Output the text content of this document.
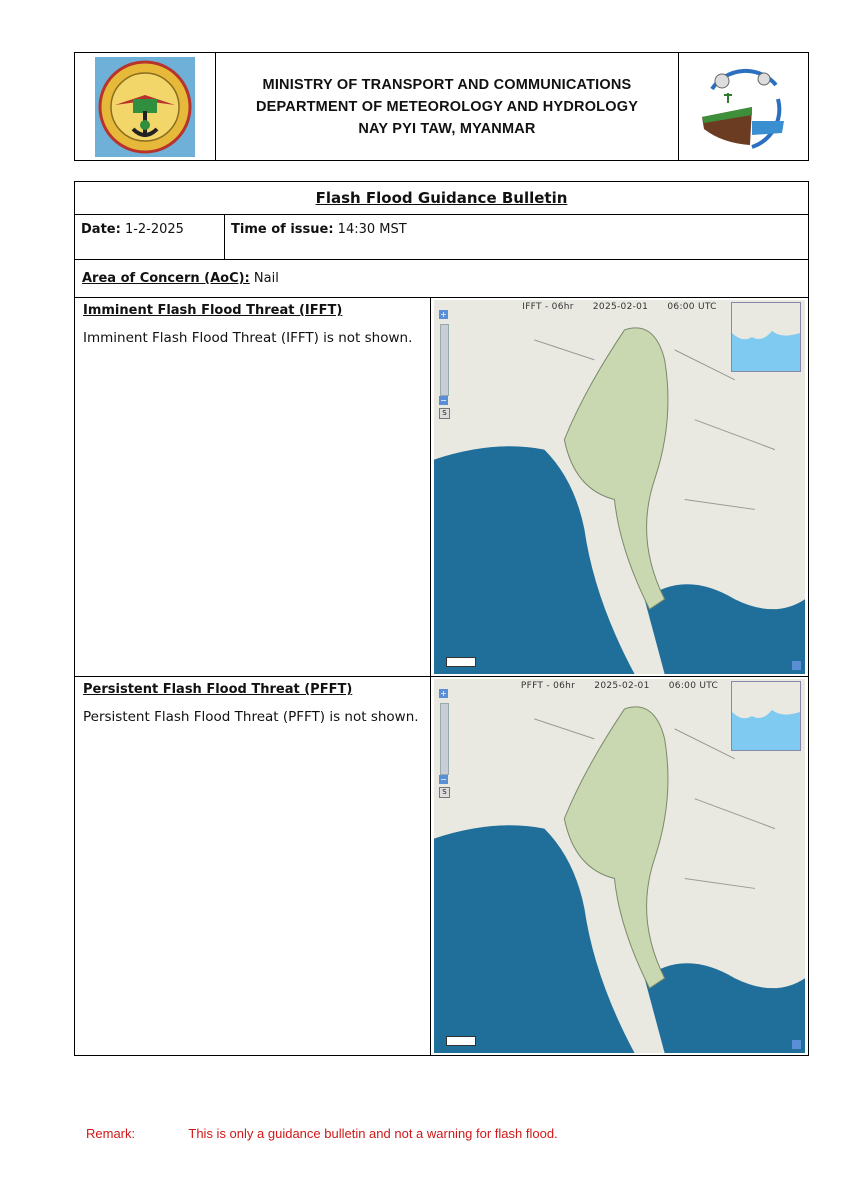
MINISTRY OF TRANSPORT AND COMMUNICATIONS
DEPARTMENT OF METEOROLOGY AND HYDROLOGY
NAY PYI TAW, MYANMAR
Flash Flood Guidance Bulletin
Date: 1-2-2025	Time of issue: 14:30 MST
Area of Concern (AoC):
Nail
Imminent Flash Flood Threat (IFFT)
Imminent Flash Flood Threat (IFFT) is not shown.
IFFT - 06hr 2025-02-01 06:00 UTC
+
−
S
Persistent Flash Flood Threat (PFFT)
Persistent Flash Flood Threat (PFFT) is not shown.
PFFT - 06hr 2025-02-01 06:00 UTC
+
−
S
Remark:	This is only a guidance bulletin and not a warning for flash flood.
